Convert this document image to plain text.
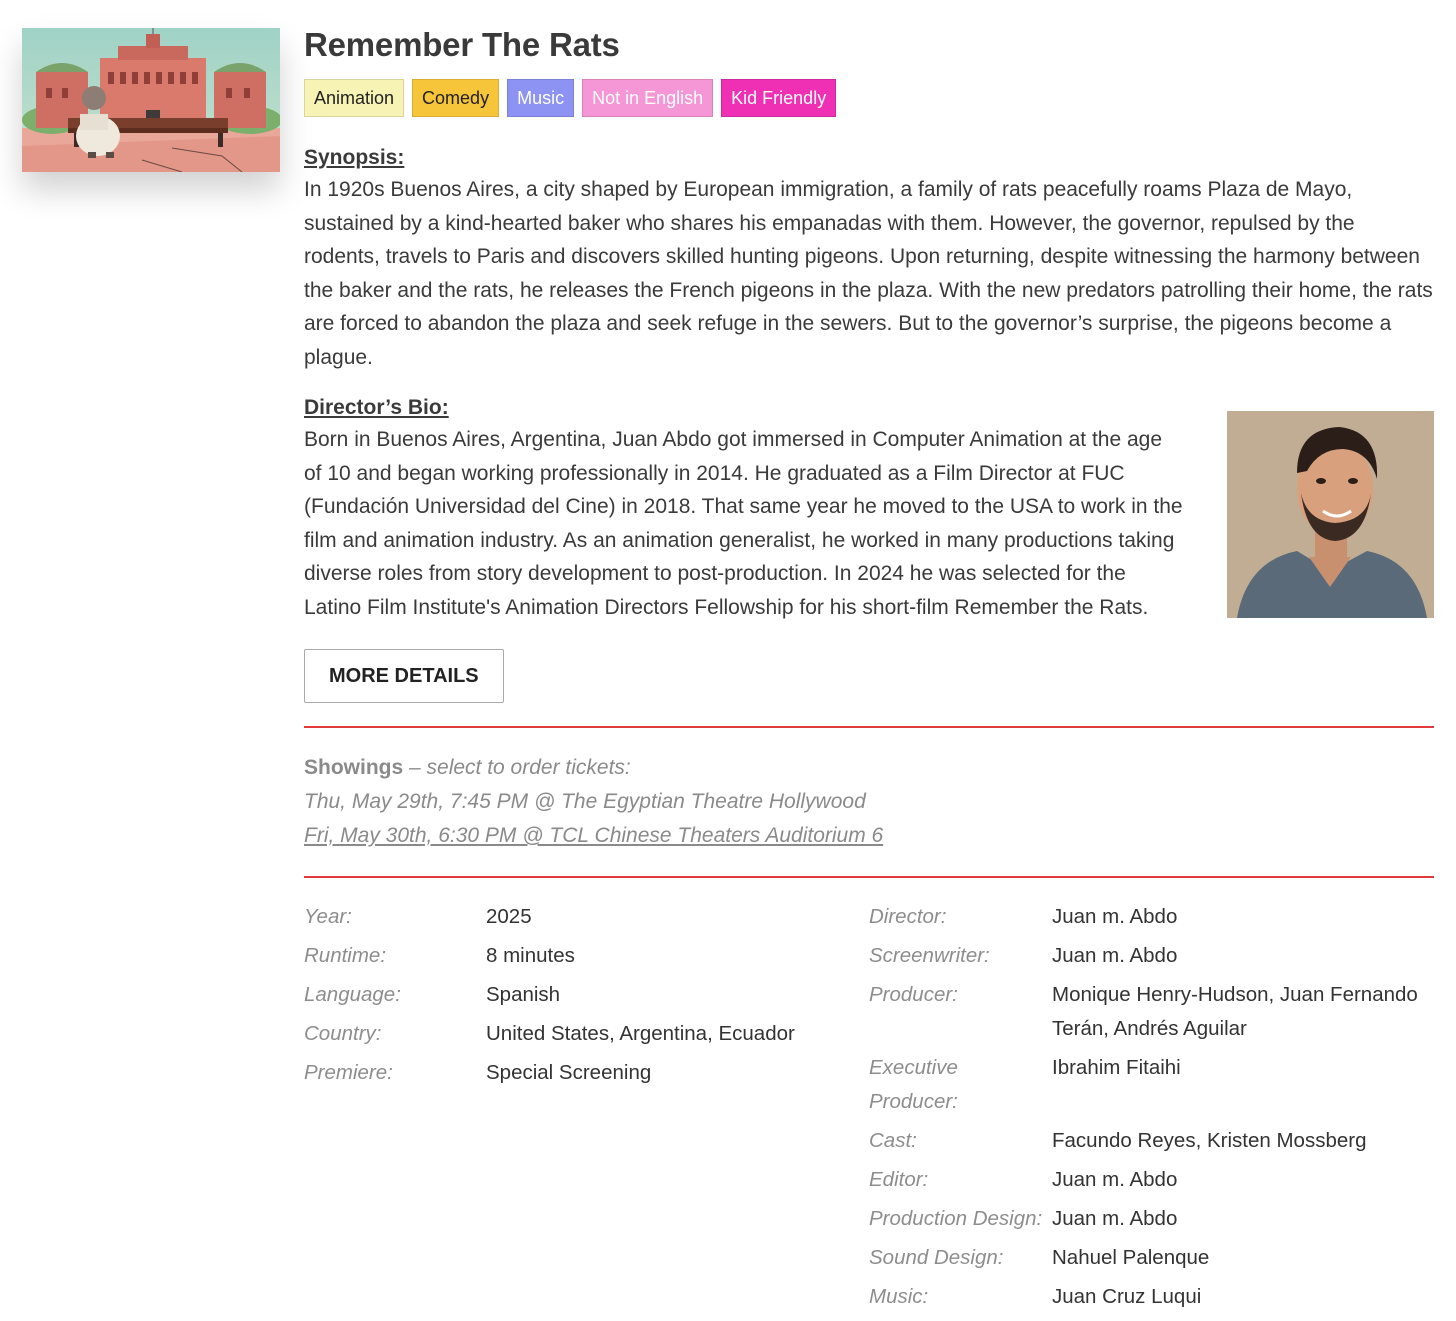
Remember The Rats
Animation	Comedy	Music	Not in English	Kid Friendly
Synopsis:

In 1920s Buenos Aires, a city shaped by European immigration, a family of rats peacefully roams Plaza de Mayo, sustained by a kind-hearted baker who shares his empanadas with them. However, the governor, repulsed by the rodents, travels to Paris and discovers skilled hunting pigeons. Upon returning, despite witnessing the harmony between the baker and the rats, he releases the French pigeons in the plaza. With the new predators patrolling their home, the rats are forced to abandon the plaza and seek refuge in the sewers. But to the governor’s surprise, the pigeons become a plague.

Director’s Bio:

Born in Buenos Aires, Argentina, Juan Abdo got immersed in Computer Animation at the age of 10 and began working professionally in 2014. He graduated as a Film Director at FUC (Fundación Universidad del Cine) in 2018. That same year he moved to the USA to work in the film and animation industry. As an animation generalist, he worked in many productions taking diverse roles from story development to post-production. In 2024 he was selected for the Latino Film Institute's Animation Directors Fellowship for his short-film Remember the Rats.

MORE DETAILS
Showings – select to order tickets:
Thu, May 29th, 7:45 PM @ The Egyptian Theatre Hollywood
Fri, May 30th, 6:30 PM @ TCL Chinese Theaters Auditorium 6
Year:	2025
Runtime:	8 minutes
Language:	Spanish
Country:	United States, Argentina, Ecuador
Premiere:	Special Screening
Director:	Juan m. Abdo
Screenwriter:	Juan m. Abdo
Producer:	Monique Henry-Hudson, Juan Fernando Terán, Andrés Aguilar
Executive Producer:
Ibrahim Fitaihi
Cast:	Facundo Reyes, Kristen Mossberg
Editor:	Juan m. Abdo
Production Design: Juan m. Abdo
Sound Design:	Nahuel Palenque
Music:	Juan Cruz Luqui
